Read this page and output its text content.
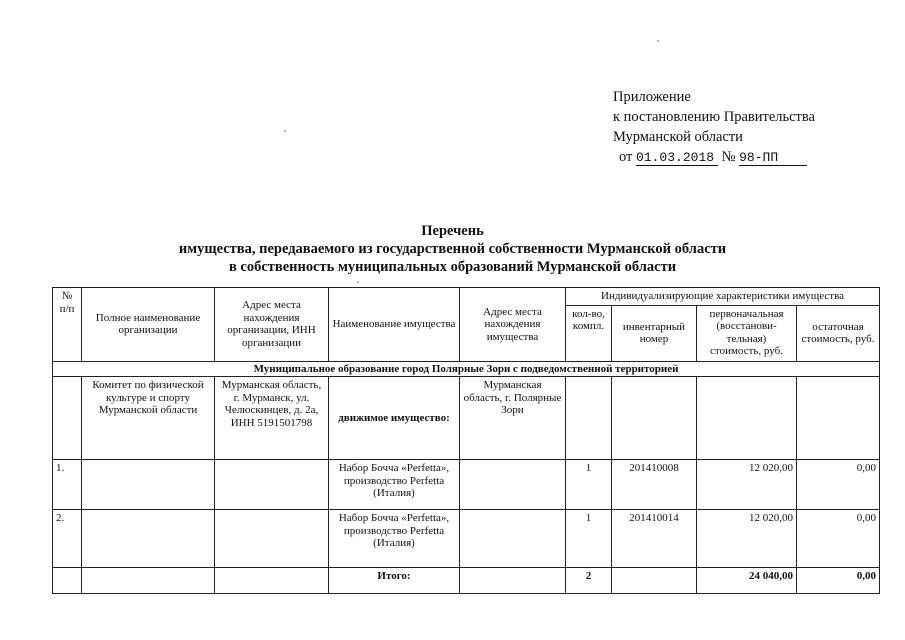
Приложение
к постановлению Правительства
Мурманской области
от 01.03.2018 № 98-ПП
Перечень
имущества, передаваемого из государственной собственности Мурманской области
в собственность муниципальных образований Мурманской области
№ п/п	Полное наименование организации	Адрес места нахождения организации, ИНН организации	Наименование имущества	Адрес места нахождения имущества	Индивидуализирующие характеристики имущества			
					кол-во, компл.	инвентарный номер	первоначальная (восстанови-тельная) стоимость, руб.	остаточная стоимость, руб.
Муниципальное образование город Полярные Зори с подведомственной территорией								
	Комитет по физической культуре и спорту Мурманской области	Мурманская область, г. Мурманск, ул. Челюскинцев, д. 2а, ИНН 5191501798	движимое имущество:	Мурманская область, г. Полярные Зори				
1.			Набор Бочча «Perfetta», производство Perfetta (Италия)		1	201410008	12 020,00	0,00
2.			Набор Бочча «Perfetta», производство Perfetta (Италия)		1	201410014	12 020,00	0,00
			Итого:		2		24 040,00	0,00
